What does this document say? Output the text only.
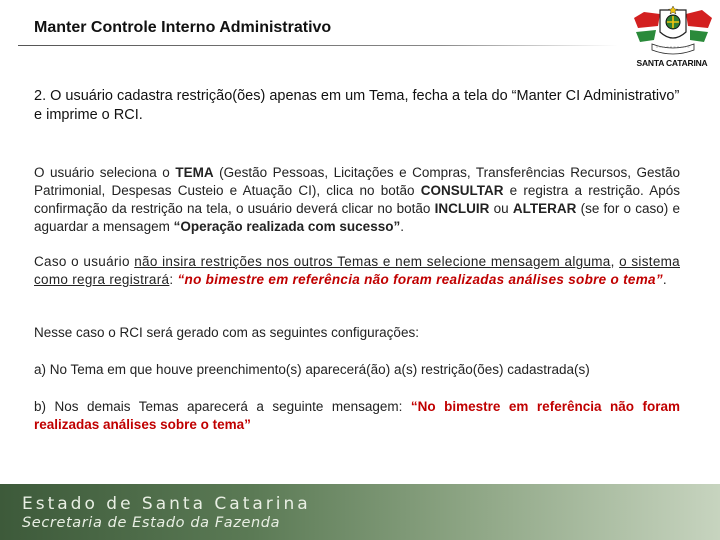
Manter Controle Interno Administrativo
SANTA CATARINA
2. O usuário cadastra restrição(ões) apenas em um Tema, fecha a tela do “Manter CI Administrativo” e imprime o RCI.
O usuário seleciona o TEMA (Gestão Pessoas, Licitações e Compras, Transferências Recursos, Gestão Patrimonial, Despesas Custeio e Atuação CI), clica no botão CONSULTAR e registra a restrição. Após confirmação da restrição na tela, o usuário deverá clicar no botão INCLUIR ou ALTERAR (se for o caso) e aguardar a mensagem “Operação realizada com sucesso”.
Caso o usuário não insira restrições nos outros Temas e nem selecione mensagem alguma, o sistema como regra registrará: “no bimestre em referência não foram realizadas análises sobre o tema”.
Nesse caso o RCI será gerado com as seguintes configurações:
a) No Tema em que houve preenchimento(s) aparecerá(ão) a(s) restrição(ões) cadastrada(s)
b) Nos demais Temas aparecerá a seguinte mensagem: “No bimestre em referência não foram realizadas análises sobre o tema”
Estado de Santa Catarina
Secretaria de Estado da Fazenda
